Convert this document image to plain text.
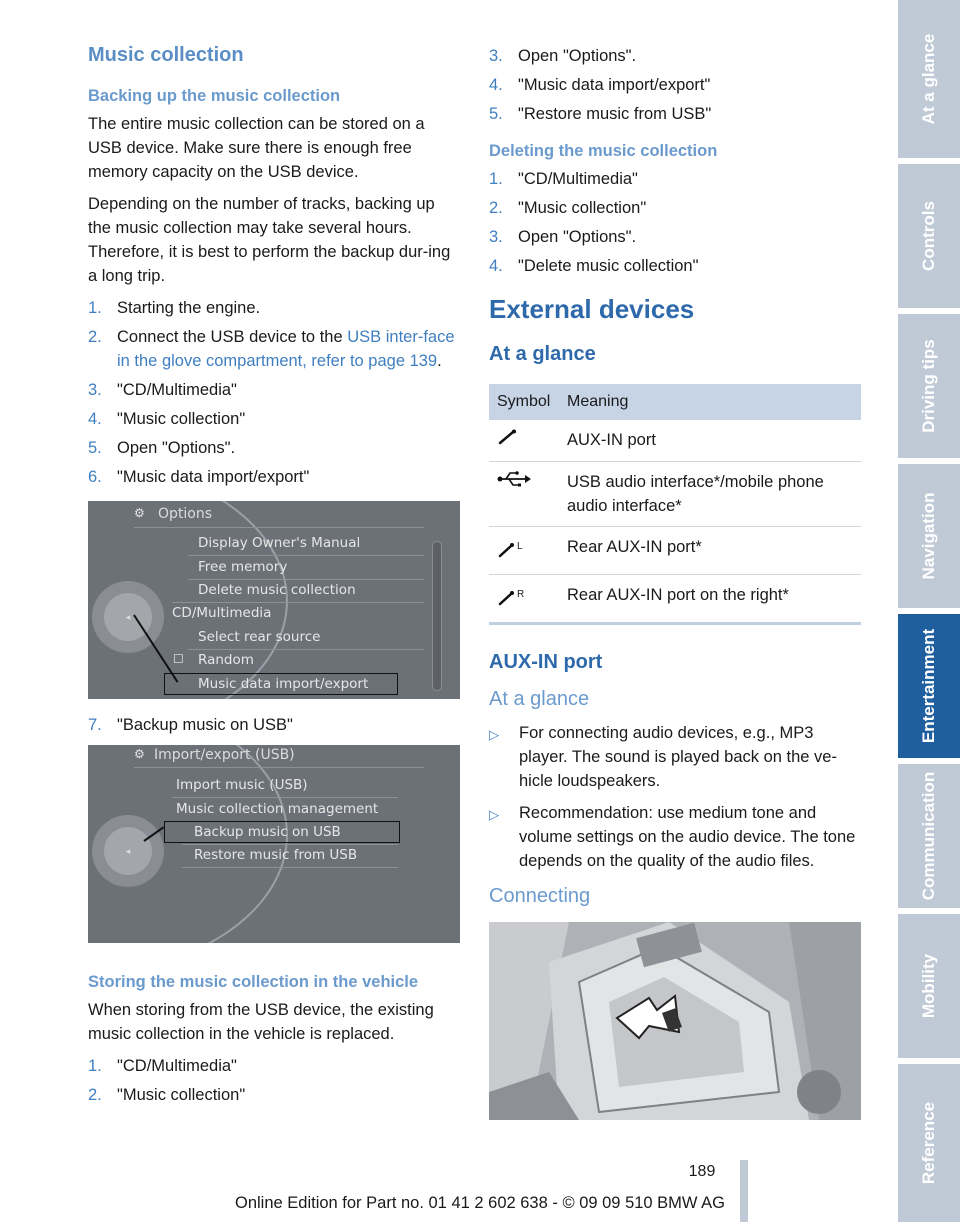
Music collection
Backing up the music collection

The entire music collection can be stored on a USB device. Make sure there is enough free memory capacity on the USB device.

Depending on the number of tracks, backing up the music collection may take several hours. Therefore, it is best to perform the backup dur‐ing a long trip.

1. Starting the engine.
2. Connect the USB device to the USB inter‐face in the glove compartment, refer to page 139.
3. "CD/Multimedia"
4. "Music collection"
5. Open "Options".
6. "Music data import/export"
◂
⚙ Options
Display Owner's Manual
Free memory
Delete music collection
CD/Multimedia
Select rear source
☐ Random
Music data import/export
7. "Backup music on USB"
◂
⚙ Import/export (USB)
Import music (USB)
Music collection management
Backup music on USB
Restore music from USB
Storing the music collection in the vehicle

When storing from the USB device, the existing music collection in the vehicle is replaced.

1. "CD/Multimedia"
2. "Music collection"
3. Open "Options".
4. "Music data import/export"
5. "Restore music from USB"
Deleting the music collection
1. "CD/Multimedia"
2. "Music collection"
3. Open "Options".
4. "Delete music collection"
External devices
At a glance
Symbol	Meaning
	AUX-IN port
	USB audio interface*/mobile phone audio interface*

L	Rear AUX-IN port*

R	Rear AUX-IN port on the right*
AUX-IN port
At a glance
▷	For connecting audio devices, e.g., MP3 player. The sound is played back on the ve‐hicle loudspeakers.
▷	Recommendation: use medium tone and volume settings on the audio device. The tone depends on the quality of the audio files.
Connecting
At a glance
Controls
Driving tips
Navigation
Entertainment
Communication
Mobility
Reference
189
Online Edition for Part no. 01 41 2 602 638 - © 09 09 510 BMW AG
